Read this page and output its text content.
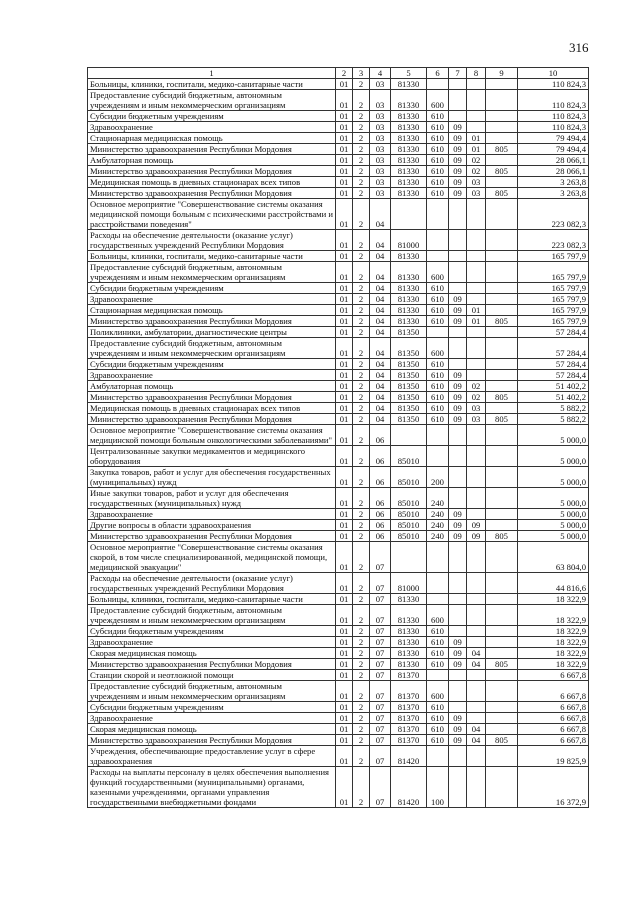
316
1	2	3	4	5	6	7	8	9	10
Больницы, клиники, госпитали, медико-санитарные части	01	2	03	81330					110 824,3
Предоставление субсидий бюджетным, автономным учреждениям и иным некоммерческим организациям	01	2	03	81330	600				110 824,3
Субсидии бюджетным учреждениям	01	2	03	81330	610				110 824,3
Здравоохранение	01	2	03	81330	610	09			110 824,3
Стационарная медицинская помощь	01	2	03	81330	610	09	01		79 494,4
Министерство здравоохранения Республики Мордовия	01	2	03	81330	610	09	01	805	79 494,4
Амбулаторная помощь	01	2	03	81330	610	09	02		28 066,1
Министерство здравоохранения Республики Мордовия	01	2	03	81330	610	09	02	805	28 066,1
Медицинская помощь в дневных стационарах всех типов	01	2	03	81330	610	09	03		3 263,8
Министерство здравоохранения Республики Мордовия	01	2	03	81330	610	09	03	805	3 263,8
Основное мероприятие "Совершенствование системы оказания медицинской помощи больным с психическими расстройствами и расстройствами поведения"	01	2	04						223 082,3
Расходы на обеспечение деятельности (оказание услуг) государственных учреждений Республики Мордовия	01	2	04	81000					223 082,3
Больницы, клиники, госпитали, медико-санитарные части	01	2	04	81330					165 797,9
Предоставление субсидий бюджетным, автономным учреждениям и иным некоммерческим организациям	01	2	04	81330	600				165 797,9
Субсидии бюджетным учреждениям	01	2	04	81330	610				165 797,9
Здравоохранение	01	2	04	81330	610	09			165 797,9
Стационарная медицинская помощь	01	2	04	81330	610	09	01		165 797,9
Министерство здравоохранения Республики Мордовия	01	2	04	81330	610	09	01	805	165 797,9
Поликлиники, амбулатории, диагностические центры	01	2	04	81350					57 284,4
Предоставление субсидий бюджетным, автономным учреждениям и иным некоммерческим организациям	01	2	04	81350	600				57 284,4
Субсидии бюджетным учреждениям	01	2	04	81350	610				57 284,4
Здравоохранение	01	2	04	81350	610	09			57 284,4
Амбулаторная помощь	01	2	04	81350	610	09	02		51 402,2
Министерство здравоохранения Республики Мордовия	01	2	04	81350	610	09	02	805	51 402,2
Медицинская помощь в дневных стационарах всех типов	01	2	04	81350	610	09	03		5 882,2
Министерство здравоохранения Республики Мордовия	01	2	04	81350	610	09	03	805	5 882,2
Основное мероприятие "Совершенствование системы оказания медицинской помощи больным онкологическими заболеваниями"	01	2	06						5 000,0
Централизованные закупки медикаментов и медицинского оборудования	01	2	06	85010					5 000,0
Закупка товаров, работ и услуг для обеспечения государственных (муниципальных) нужд	01	2	06	85010	200				5 000,0
Иные закупки товаров, работ и услуг для обеспечения государственных (муниципальных) нужд	01	2	06	85010	240				5 000,0
Здравоохранение	01	2	06	85010	240	09			5 000,0
Другие вопросы в области здравоохранения	01	2	06	85010	240	09	09		5 000,0
Министерство здравоохранения Республики Мордовия	01	2	06	85010	240	09	09	805	5 000,0
Основное мероприятие "Совершенствование системы оказания скорой, в том числе специализированной, медицинской помощи, медицинской эвакуации"	01	2	07						63 804,0
Расходы на обеспечение деятельности (оказание услуг) государственных учреждений Республики Мордовия	01	2	07	81000					44 816,6
Больницы, клиники, госпитали, медико-санитарные части	01	2	07	81330					18 322,9
Предоставление субсидий бюджетным, автономным учреждениям и иным некоммерческим организациям	01	2	07	81330	600				18 322,9
Субсидии бюджетным учреждениям	01	2	07	81330	610				18 322,9
Здравоохранение	01	2	07	81330	610	09			18 322,9
Скорая медицинская помощь	01	2	07	81330	610	09	04		18 322,9
Министерство здравоохранения Республики Мордовия	01	2	07	81330	610	09	04	805	18 322,9
Станции скорой и неотложной помощи	01	2	07	81370					6 667,8
Предоставление субсидий бюджетным, автономным учреждениям и иным некоммерческим организациям	01	2	07	81370	600				6 667,8
Субсидии бюджетным учреждениям	01	2	07	81370	610				6 667,8
Здравоохранение	01	2	07	81370	610	09			6 667,8
Скорая медицинская помощь	01	2	07	81370	610	09	04		6 667,8
Министерство здравоохранения Республики Мордовия	01	2	07	81370	610	09	04	805	6 667,8
Учреждения, обеспечивающие предоставление услуг в сфере здравоохранения	01	2	07	81420					19 825,9
Расходы на выплаты персоналу в целях обеспечения выполнения функций государственными (муниципальными) органами, казенными учреждениями, органами управления государственными внебюджетными фондами	01	2	07	81420	100				16 372,9
